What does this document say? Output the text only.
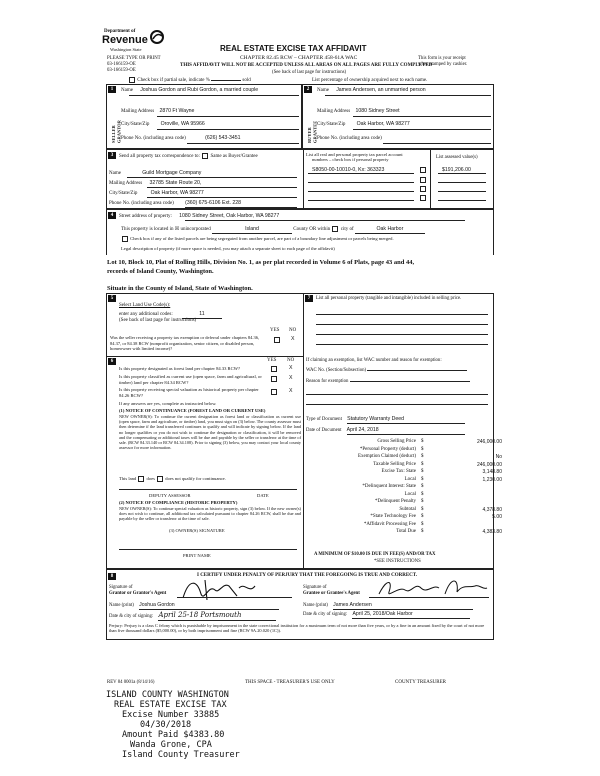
Department of
Revenue
Washington State
PLEASE TYPE OR PRINT
03-166159-OE
03-166159-OE
REAL ESTATE EXCISE TAX AFFIDAVIT
CHAPTER 82.45 RCW – CHAPTER 458-61A WAC
THIS AFFIDAVIT WILL NOT BE ACCEPTED UNLESS ALL AREAS ON ALL PAGES ARE FULLY COMPLETED
(See back of last page for instructions)
This form is your receipt
when stamped by cashier.
Check box if partial sale, indicate %	sold	List percentage of ownership acquired next to each name.
1
SELLER GRANTOR
Name Joshua Gordon and Rubi Gordon, a married couple
Mailing Address 2870 Ft Wayne
City/State/Zip Oroville, WA 95966
Phone No. (including area code)	(626) 543-3451
2
BUYER GRANTEE
Name James Andersen, an unmarried person
Mailing Address 1080 Sidney Street
City/State/Zip Oak Harbor, WA 98277
Phone No. (including area code)
3	Send all property tax correspondence to: Same as Buyer/Grantee
Name	Guild Mortgage Company
Mailing Address 32785 State Route 20,
City/State/Zip	Oak Harbor, WA 98277
Phone No. (including area code) (360) 675-6106 Ext. 228
List all real and personal property tax parcel account
numbers – check box if personal property	List assessed value(s)
S8050-00-10010-0, Kx: 363323	$191,206.00
4	Street address of property: 1080 Sidney Street, Oak Harbor, WA 98277
This property is located in ☒ unincorporated	Island	County OR within city of	Oak Harbor
Check box if any of the listed parcels are being segregated from another parcel, are part of a boundary line adjustment or parcels being merged.
Legal description of property (if more space is needed, you may attach a separate sheet to each page of the affidavit)
Lot 10, Block 10, Plat of Rolling Hills, Division No. 1, as per plat recorded in Volume 6 of Plats, page 43 and 44,
records of Island County, Washington.
Situate in the County of Island, State of Washington.
5
Select Land Use Code(s):
enter any additional codes:	11
(See back of last page for instructions)
YES NO
Was the seller receiving a property tax exemption or deferral under chapters 84.36, 84.37, or 84.38 RCW (nonprofit organization, senior citizen, or disabled person, homeowner with limited income)?
X
6	YES NO
Is this property designated as forest land per chapter 84.33 RCW?	X
Is this property classified as current use (open space, farm and agricultural, or timber) land per chapter 84.34 RCW?
X
Is this property receiving special valuation as historical property per chapter 84.26 RCW?
X
If any answers are yes, complete as instructed below.
(1) NOTICE OF CONTINUANCE (FOREST LAND OR CURRENT USE)
NEW OWNER(S): To continue the current designation as forest land or classification as current use (open space, farm and agriculture, or timber) land, you must sign on (3) below. The county assessor must then determine if the land transferred continues to qualify and will indicate by signing below. If the land no longer qualifies or you do not wish to continue the designation or classification, it will be removed and the compensating or additional taxes will be due and payable by the seller or transferor at the time of sale. (RCW 84.33.140 or RCW 84.34.108). Prior to signing (3) below, you may contact your local county assessor for more information.
This land does does not qualify for continuance.
DEPUTY ASSESSOR	DATE
(2) NOTICE OF COMPLIANCE (HISTORIC PROPERTY)
NEW OWNER(S): To continue special valuation as historic property, sign (3) below. If the new owner(s) does not wish to continue, all additional tax calculated pursuant to chapter 84.26 RCW, shall be due and payable by the seller or transferor at the time of sale.
(3) OWNER(S) SIGNATURE
PRINT NAME
7	List all personal property (tangible and intangible) included in selling price.
If claiming an exemption, list WAC number and reason for exemption:
WAC No. (Section/Subsection)
Reason for exemption
Type of Document Statutory Warranty Deed
Date of Document April 24, 2018
Gross Selling Price $	246,000.00
*Personal Property (deduct) $
Exemption Claimed (deduct) $	No
Taxable Selling Price $	246,000.00
Excise Tax: State $	3,148.80
Local $	1,230.00
*Delinquent Interest: State $
Local $
*Delinquent Penalty $
Subtotal $	4,378.80
*State Technology Fee $	5.00
*Affidavit Processing Fee $
Total Due $	4,383.80
A MINIMUM OF $10.00 IS DUE IN FEE(S) AND/OR TAX
*SEE INSTRUCTIONS
8	I CERTIFY UNDER PENALTY OF PERJURY THAT THE FOREGOING IS TRUE AND CORRECT.
Signature of
Grantor or Grantor's Agent
Name (print) Joshua Gordon
Date & city of signing: April 25-18 Portsmouth
Signature of
Grantee or Grantee's Agent
Name (print) James Andersen
Date & city of signing: April 25, 2018/Oak Harbor
Perjury: Perjury is a class C felony which is punishable by imprisonment in the state correctional institution for a maximum term of not more than five years, or by a fine in an amount fixed by the court of not more than five thousand dollars ($5,000.00), or by both imprisonment and fine (RCW 9A.20.020 (1C)).
REV 84 0001a (8/14/16)	THIS SPACE - TREASURER'S USE ONLY	COUNTY TREASURER
ISLAND COUNTY WASHINGTON
REAL ESTATE EXCISE TAX
Excise Number 33885
04/30/2018
Amount Paid $4383.80
Wanda Grone, CPA
Island County Treasurer
